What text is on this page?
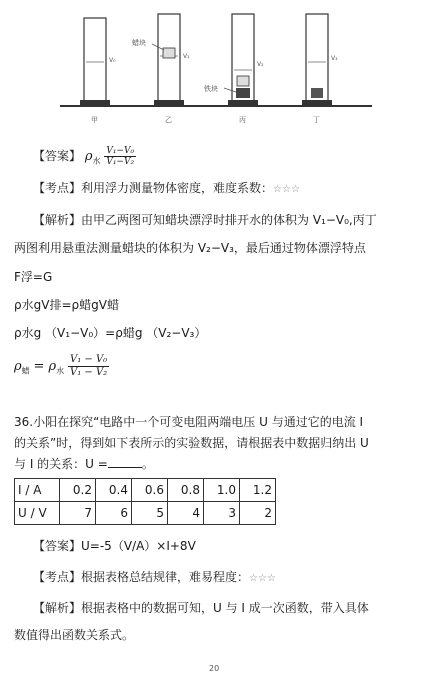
V₀
V₁
V₂
V₃
蜡块
铁块
甲	乙	丙	丁
【答案】 $\rho_水 \frac{\text{V₁−V₀}}{\text{V₁−V₂}}$
【考点】利用浮力测量物体密度，难度系数：☆☆☆
【解析】由甲乙两图可知蜡块漂浮时排开水的体积为 V₁−V₀,丙丁
两图利用悬重法测量蜡块的体积为 V₂−V₃，最后通过物体漂浮特点
F浮=G
ρ水gV排=ρ蜡gV蜡
ρ水g （V₁−V₀）=ρ蜡g （V₂−V₃）
$\rho_蜡 = \rho_水 \frac{\text{V₁ − V₀}}{\text{V₁ − V₂}}$
36.小阳在探究“电路中一个可变电阻两端电压 U 与通过它的电流 I
的关系”时，得到如下表所示的实验数据，请根据表中数据归纳出 U
与 I 的关系：U =	。
I / A	0.2	0.4	0.6	0.8	1.0	1.2
U / V	7	6	5	4	3	2
【答案】U=-5（V/A）×I+8V
【考点】根据表格总结规律，难易程度：☆☆☆
【解析】根据表格中的数据可知，U 与 I 成一次函数，带入具体
数值得出函数关系式。
20
